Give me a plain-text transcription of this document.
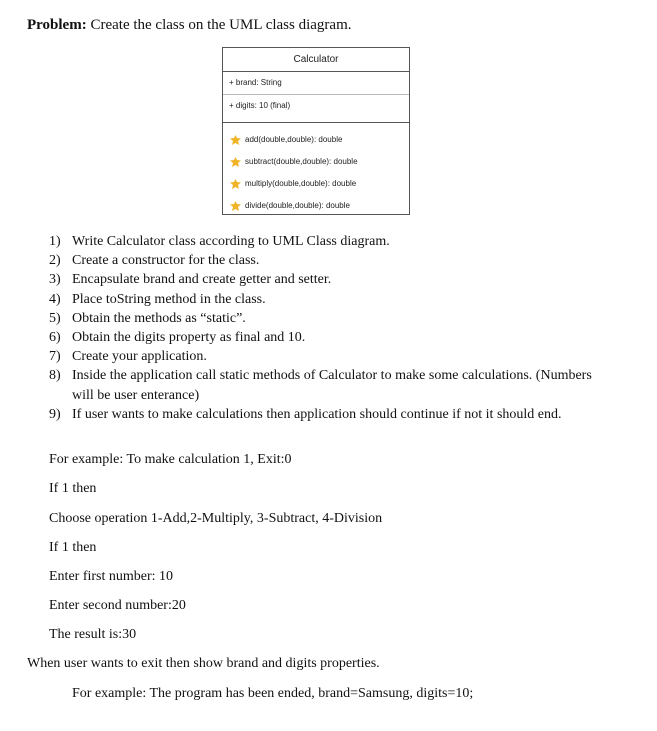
Problem: Create the class on the UML class diagram.
Calculator
+ brand: String
+ digits: 10 (final)
add(double,double): double
subtract(double,double): double
multiply(double,double): double
divide(double,double): double
1) Write Calculator class according to UML Class diagram.
2) Create a constructor for the class.
3) Encapsulate brand and create getter and setter.
4) Place toString method in the class.
5) Obtain the methods as “static”.
6) Obtain the digits property as final and 10.
7) Create your application.
8) Inside the application call static methods of Calculator to make some calculations. (Numbers will be user enterance)
9) If user wants to make calculations then application should continue if not it should end.
For example: To make calculation 1, Exit:0
If 1 then
Choose operation 1-Add,2-Multiply, 3-Subtract, 4-Division
If 1 then
Enter first number: 10
Enter second number:20
The result is:30
When user wants to exit then show brand and digits properties.
For example: The program has been ended, brand=Samsung, digits=10;
